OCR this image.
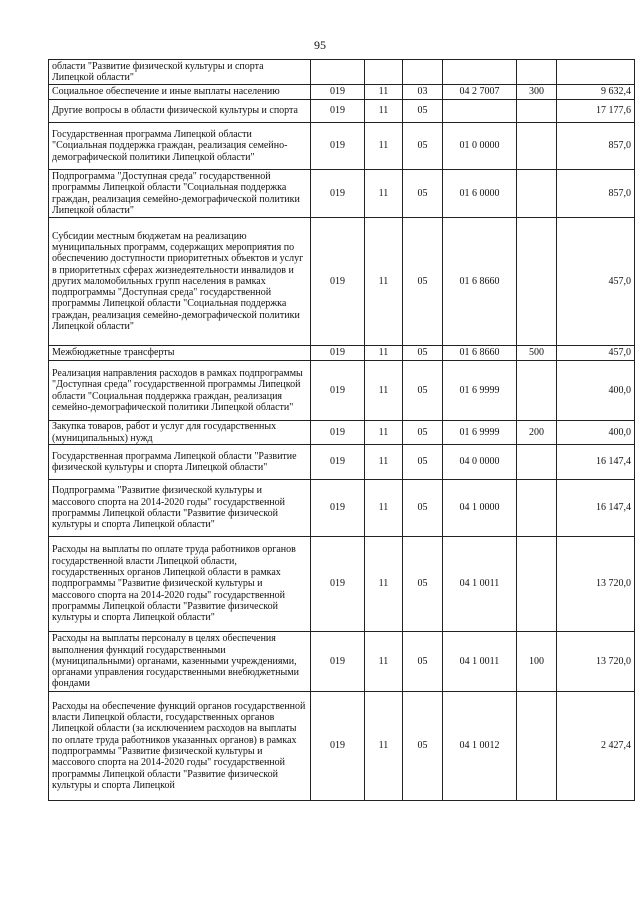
95
области "Развитие физической культуры и спорта Липецкой области"						
Социальное обеспечение и иные выплаты населению	019	11	03	04 2 7007	300	9 632,4
Другие вопросы в области физической культуры и спорта	019	11	05			17 177,6
Государственная программа Липецкой области "Социальная поддержка граждан, реализация семейно-демографической политики Липецкой области"	019	11	05	01 0 0000		857,0
Подпрограмма "Доступная среда" государственной программы Липецкой области "Социальная поддержка граждан, реализация семейно-демографической политики Липецкой области"	019	11	05	01 6 0000		857,0
Субсидии местным бюджетам на реализацию муниципальных программ, содержащих мероприятия по обеспечению доступности приоритетных объектов и услуг в приоритетных сферах жизнедеятельности инвалидов и других маломобильных групп населения в рамках подпрограммы "Доступная среда" государственной программы Липецкой области "Социальная поддержка граждан, реализация семейно-демографической политики Липецкой области"	019	11	05	01 6 8660		457,0
Межбюджетные трансферты	019	11	05	01 6 8660	500	457,0
Реализация направления расходов в рамках подпрограммы "Доступная среда" государственной программы Липецкой области "Социальная поддержка граждан, реализация семейно-демографической политики Липецкой области"	019	11	05	01 6 9999		400,0
Закупка товаров, работ и услуг для государственных (муниципальных) нужд	019	11	05	01 6 9999	200	400,0
Государственная программа Липецкой области "Развитие физической культуры и спорта Липецкой области"	019	11	05	04 0 0000		16 147,4
Подпрограмма "Развитие физической культуры и массового спорта на 2014-2020 годы" государственной программы Липецкой области "Развитие физической культуры и спорта Липецкой области"	019	11	05	04 1 0000		16 147,4
Расходы на выплаты по оплате труда работников органов государственной власти Липецкой области, государственных органов Липецкой области в рамках подпрограммы "Развитие физической культуры и массового спорта на 2014-2020 годы" государственной программы Липецкой области "Развитие физической культуры и спорта Липецкой области"	019	11	05	04 1 0011		13 720,0
Расходы на выплаты персоналу в целях обеспечения выполнения функций государственными (муниципальными) органами, казенными учреждениями, органами управления государственными внебюджетными фондами	019	11	05	04 1 0011	100	13 720,0
Расходы на обеспечение функций органов государственной власти Липецкой области, государственных органов Липецкой области (за исключением расходов на выплаты по оплате труда работников указанных органов) в рамках подпрограммы "Развитие физической культуры и массового спорта на 2014-2020 годы" государственной программы Липецкой области "Развитие физической культуры и спорта Липецкой	019	11	05	04 1 0012		2 427,4
